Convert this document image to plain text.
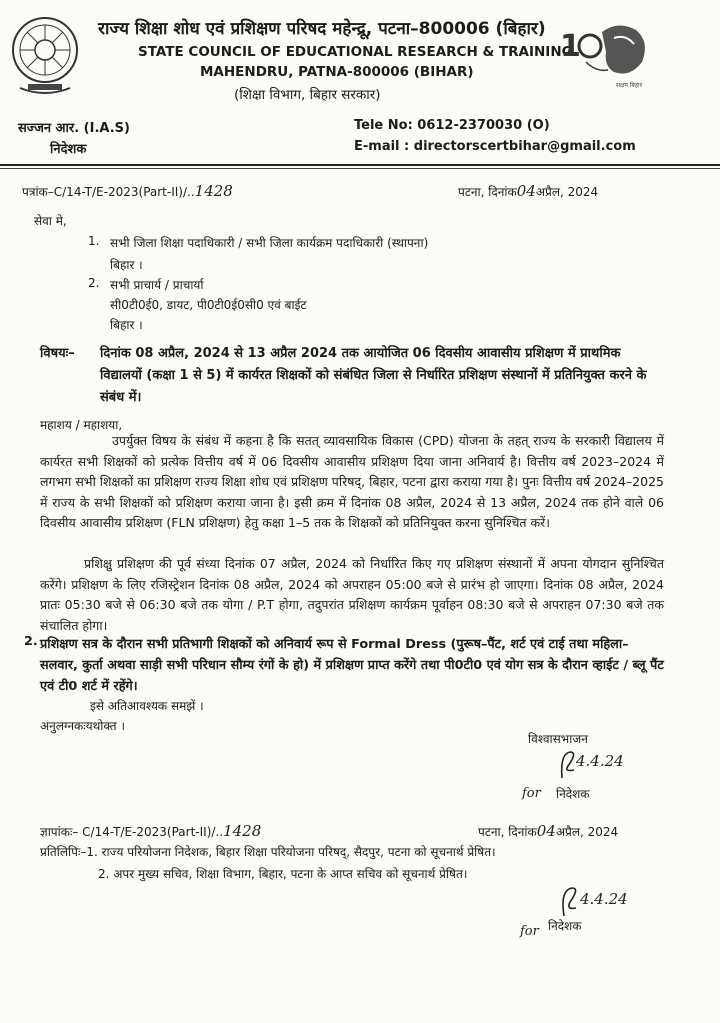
राज्य शिक्षा शोध एवं प्रशिक्षण परिषद महेन्द्रू, पटना–800006 (बिहार)
STATE COUNCIL OF EDUCATIONAL RESEARCH & TRAINING
MAHENDRU, PATNA-800006 (BIHAR)
(शिक्षा विभाग, बिहार सरकार)
1
सक्षम बिहार
सज्जन आर. (I.A.S)
निदेशक
Tele No: 0612-2370030 (O)
E-mail : directorscertbihar@gmail.com
पत्रांक–C/14-T/E-2023(Part-II)/..1428	पटना, दिनांक04अप्रैल, 2024
सेवा मे,
1. सभी जिला शिक्षा पदाधिकारी / सभी जिला कार्यक्रम पदाधिकारी (स्थापना)
बिहार ।
2. सभी प्राचार्य / प्राचार्या
सी0टी0ई0, डायट, पी0टी0ई0सी0 एवं बाईट
बिहार ।
विषयः– दिनांक 08 अप्रैल, 2024 से 13 अप्रैल 2024 तक आयोजित 06 दिवसीय आवासीय प्रशिक्षण में प्राथमिक विद्यालयों (कक्षा 1 से 5) में कार्यरत शिक्षकों को संबंधित जिला से निर्धारित प्रशिक्षण संस्थानों में प्रतिनियुक्त करने के संबंध में।
महाशय / महाशया,
उपर्युक्त विषय के संबंध में कहना है कि सतत् व्यावसायिक विकास (CPD) योजना के तहत् राज्य के सरकारी विद्यालय में कार्यरत सभी शिक्षकों को प्रत्येक वित्तीय वर्ष में 06 दिवसीय आवासीय प्रशिक्षण दिया जाना अनिवार्य है। वित्तीय वर्ष 2023–2024 में लगभग सभी शिक्षकों का प्रशिक्षण राज्य शिक्षा शोध एवं प्रशिक्षण परिषद्, बिहार, पटना द्वारा कराया गया है। पुनः वित्तीय वर्ष 2024–2025 में राज्य के सभी शिक्षकों को प्रशिक्षण कराया जाना है। इसी क्रम में दिनांक 08 अप्रैल, 2024 से 13 अप्रैल, 2024 तक होने वाले 06 दिवसीय आवासीय प्रशिक्षण (FLN प्रशिक्षण) हेतु कक्षा 1–5 तक के शिक्षकों को प्रतिनियुक्त करना सुनिश्चित करें।
प्रशिक्षु प्रशिक्षण की पूर्व संध्या दिनांक 07 अप्रैल, 2024 को निर्धारित किए गए प्रशिक्षण संस्थानों में अपना योगदान सुनिश्चित करेंगे। प्रशिक्षण के लिए रजिस्ट्रेशन दिनांक 08 अप्रैल, 2024 को अपराहन 05:00 बजे से प्रारंभ हो जाएगा। दिनांक 08 अप्रैल, 2024 प्रातः 05:30 बजे से 06:30 बजे तक योगा / P.T होगा, तदुपरांत प्रशिक्षण कार्यक्रम पूर्वाहन 08:30 बजे से अपराहन 07:30 बजे तक संचालित होगा।
2. प्रशिक्षण सत्र के दौरान सभी प्रतिभागी शिक्षकों को अनिवार्य रूप से Formal Dress (पुरूष–पैंट, शर्ट एवं टाई तथा महिला–सलवार, कुर्ता अथवा साड़ी सभी परिधान सौम्य रंगों के हो) में प्रशिक्षण प्राप्त करेंगे तथा पी0टी0 एवं योग सत्र के दौरान व्हाईट / ब्लू पैंट एवं टी0 शर्ट में रहेंगे।
इसे अतिआवश्यक समझें ।
अनुलग्नकःयथोक्त ।
विश्वासभाजन
4.4.24
for निदेशक
ज्ञापांकः– C/14-T/E-2023(Part-II)/..1428	पटना, दिनांक04अप्रैल, 2024
प्रतिलिपिः–1. राज्य परियोजना निदेशक, बिहार शिक्षा परियोजना परिषद्, सैदपुर, पटना को सूचनार्थ प्रेषित।
2. अपर मुख्य सचिव, शिक्षा विभाग, बिहार, पटना के आप्त सचिव को सूचनार्थ प्रेषित।
4.4.24
for निदेशक
